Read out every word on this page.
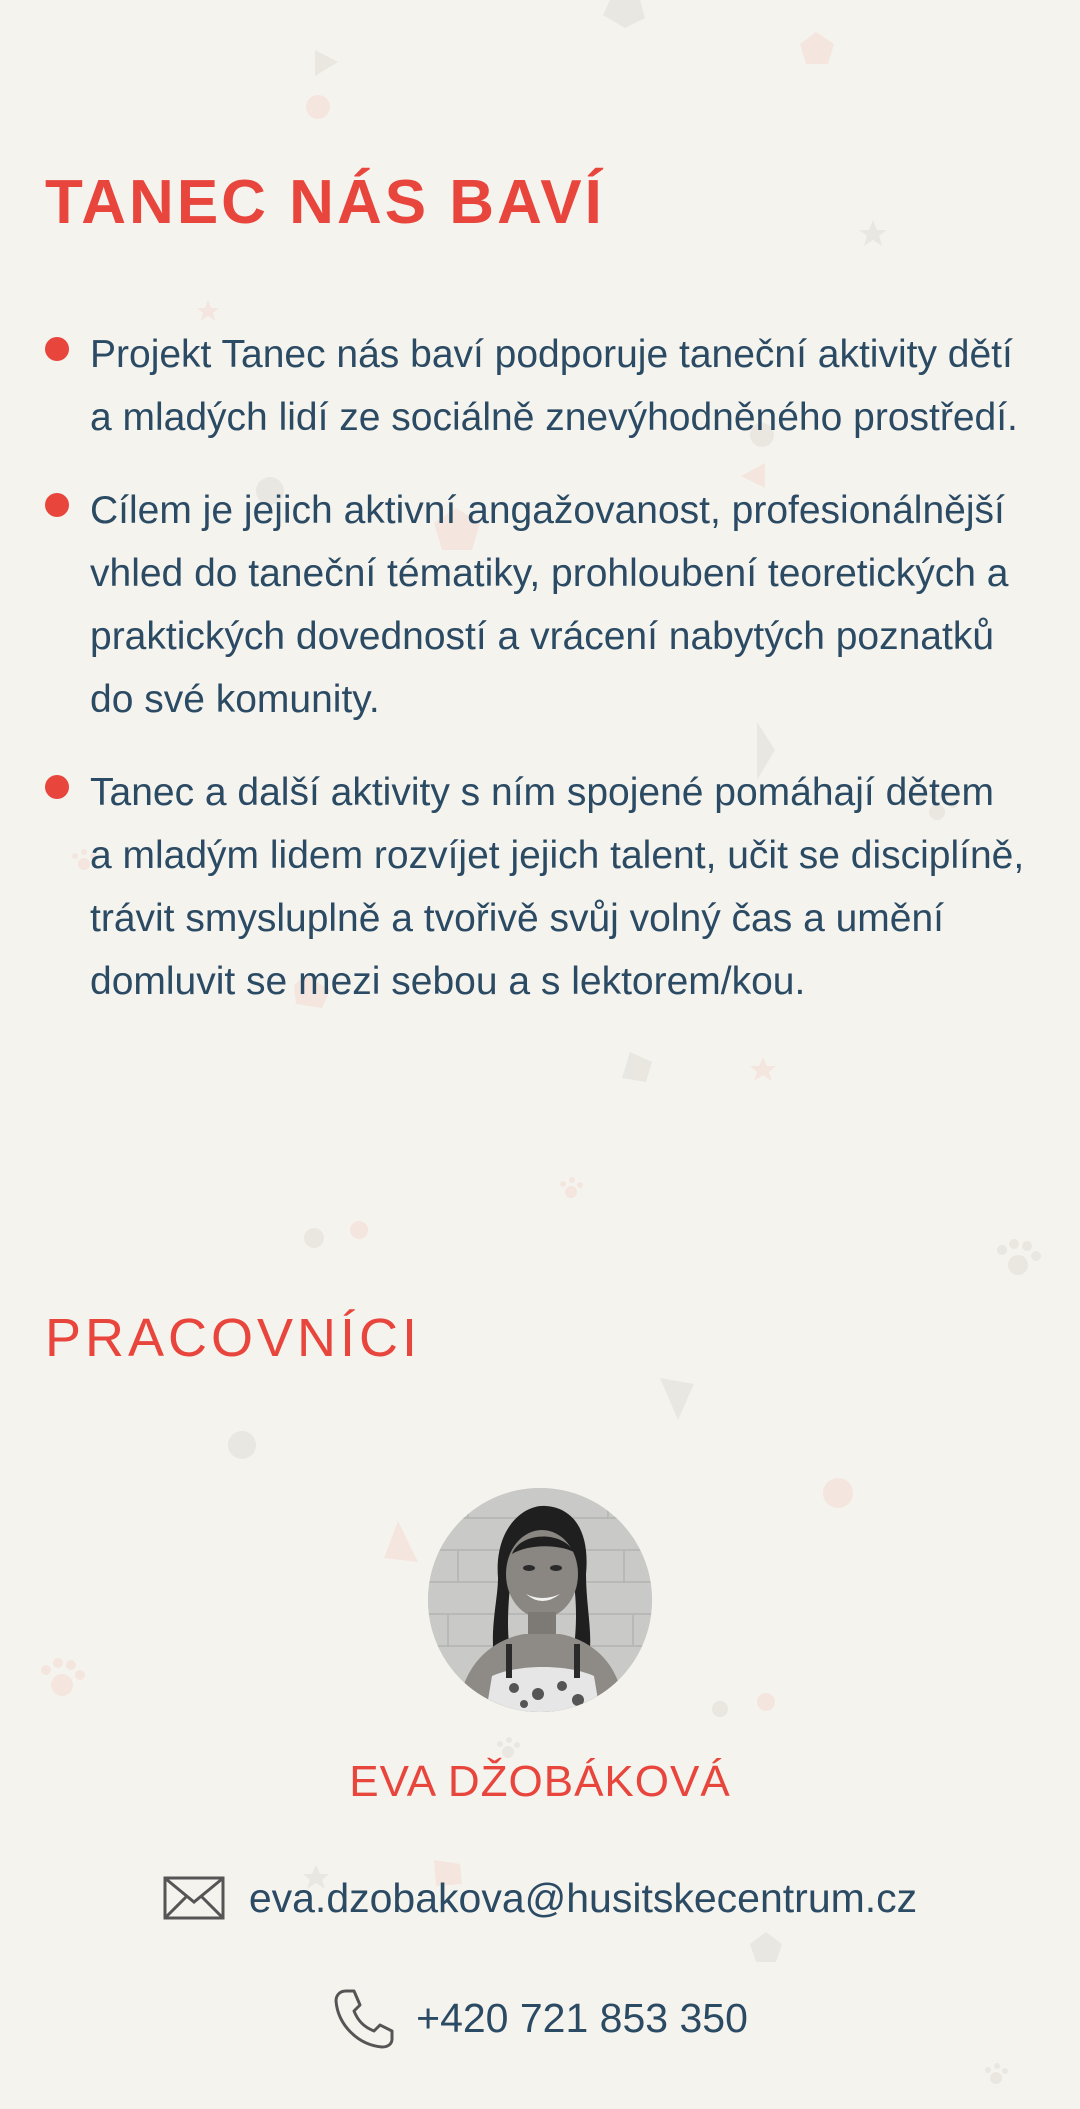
TANEC NÁS BAVÍ
Projekt Tanec nás baví podporuje taneční aktivity dětí a mladých lidí ze sociálně znevýhodněného prostředí.
Cílem je jejich aktivní angažovanost, profesionálnější vhled do taneční tématiky, prohloubení teoretických a praktických dovedností a vrácení nabytých poznatků do své komunity.
Tanec a další aktivity s ním spojené pomáhají dětem a mladým lidem rozvíjet jejich talent, učit se disciplíně, trávit smysluplně a tvořivě svůj volný čas a umění domluvit se mezi sebou a s lektorem/kou.
PRACOVNÍCI
EVA DŽOBÁKOVÁ
eva.dzobakova@husitskecentrum.cz
+420 721 853 350
